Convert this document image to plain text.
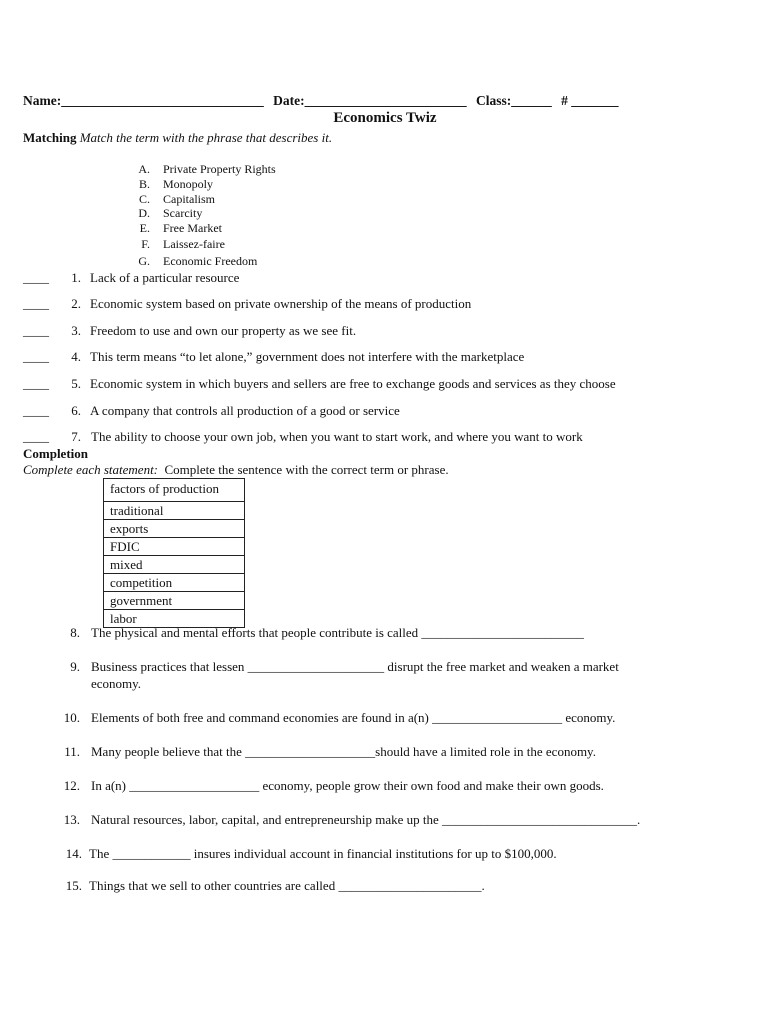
Name:______________________________ Date:________________________ Class:______ # _______
Economics Twiz
Matching Match the term with the phrase that describes it.
A. Private Property Rights
B. Monopoly
C. Capitalism
D. Scarcity
E. Free Market
F. Laissez-faire
G. Economic Freedom
____ 1. Lack of a particular resource
____ 2. Economic system based on private ownership of the means of production
____ 3. Freedom to use and own our property as we see fit.
____ 4. This term means “to let alone,” government does not interfere with the marketplace
____ 5. Economic system in which buyers and sellers are free to exchange goods and services as they choose
____ 6. A company that controls all production of a good or service
____ 7. The ability to choose your own job, when you want to start work, and where you want to work
Completion
Complete each statement: Complete the sentence with the correct term or phrase.
factors of production
traditional
exports
FDIC
mixed
competition
government
labor
8. The physical and mental efforts that people contribute is called _________________________
9. Business practices that lessen _____________________ disrupt the free market and weaken a market economy.
10. Elements of both free and command economies are found in a(n) ____________________ economy.
11. Many people believe that the ____________________should have a limited role in the economy.
12. In a(n) ____________________ economy, people grow their own food and make their own goods.
13. Natural resources, labor, capital, and entrepreneurship make up the ______________________________.
14. The ____________ insures individual account in financial institutions for up to $100,000.
15. Things that we sell to other countries are called ______________________.
